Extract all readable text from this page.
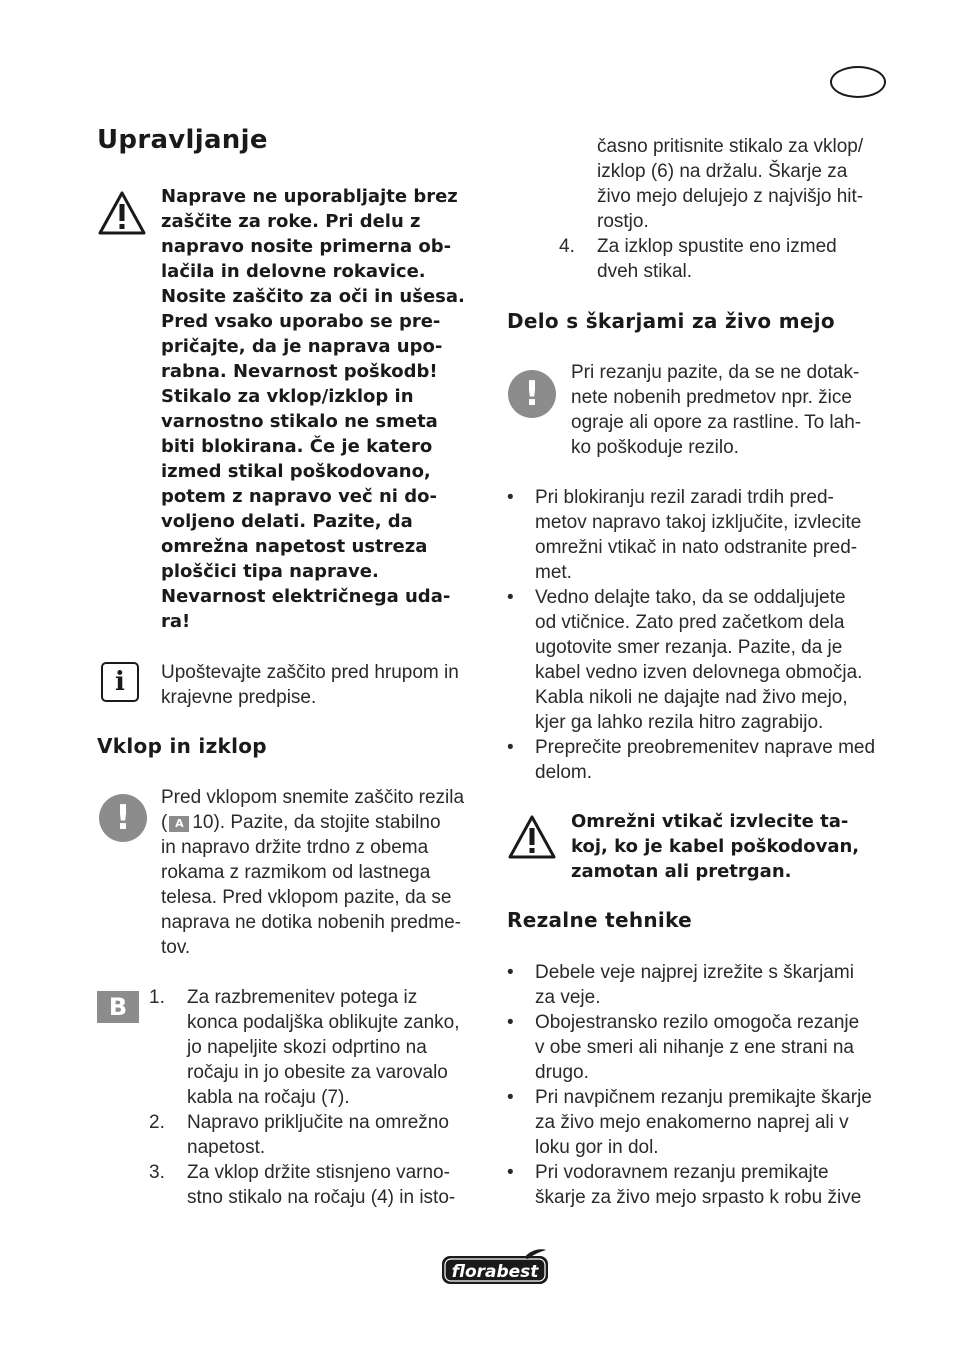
Upravljanje
Naprave ne uporabljajte brez
zaščite za roke. Pri delu z
napravo nosite primerna ob-
lačila in delovne rokavice.
Nosite zaščito za oči in ušesa.
Pred vsako uporabo se pre-
pričajte, da je naprava upo-
rabna. Nevarnost poškodb!
Stikalo za vklop/izklop in
varnostno stikalo ne smeta
biti blokirana. Če je katero
izmed stikal poškodovano,
potem z napravo več ni do-
voljeno delati. Pazite, da
omrežna napetost ustreza
ploščici tipa naprave.
Nevarnost električnega uda-
ra!
i	Upoštevajte zaščito pred hrupom in
krajevne predpise.
Vklop in izklop
!
Pred vklopom snemite zaščito rezila
( A 10). Pazite, da stojite stabilno
in napravo držite trdno z obema
rokama z razmikom od lastnega
telesa. Pred vklopom pazite, da se
naprava ne dotika nobenih predme-
tov.
B	1. Za razbremenitev potega iz
konca podaljška oblikujte zanko,
jo napeljite skozi odprtino na
ročaju in jo obesite za varovalo
kabla na ročaju (7).
2. Napravo priključite na omrežno
napetost.
3. Za vklop držite stisnjeno varno-
stno stikalo na ročaju (4) in isto-
časno pritisnite stikalo za vklop/
izklop (6) na držalu. Škarje za
živo mejo delujejo z najvišjo hit-
rostjo.
4. Za izklop spustite eno izmed
dveh stikal.
Delo s škarjami za živo mejo
!
Pri rezanju pazite, da se ne dotak-
nete nobenih predmetov npr. žice
ograje ali opore za rastline. To lah-
ko poškoduje rezilo.
• Pri blokiranju rezil zaradi trdih pred-
metov napravo takoj izključite, izvlecite
omrežni vtikač in nato odstranite pred-
met.
• Vedno delajte tako, da se oddaljujete
od vtičnice. Zato pred začetkom dela
ugotovite smer rezanja. Pazite, da je
kabel vedno izven delovnega območja.
Kabla nikoli ne dajajte nad živo mejo,
kjer ga lahko rezila hitro zagrabijo.
• Preprečite preobremenitev naprave med
delom.
Omrežni vtikač izvlecite ta-
koj, ko je kabel poškodovan,
zamotan ali pretrgan.
Rezalne tehnike
• Debele veje najprej izrežite s škarjami
za veje.
• Obojestransko rezilo omogoča rezanje
v obe smeri ali nihanje z ene strani na
drugo.
• Pri navpičnem rezanju premikajte škarje
za živo mejo enakomerno naprej ali v
loku gor in dol.
• Pri vodoravnem rezanju premikajte
škarje za živo mejo srpasto k robu žive
florabest
